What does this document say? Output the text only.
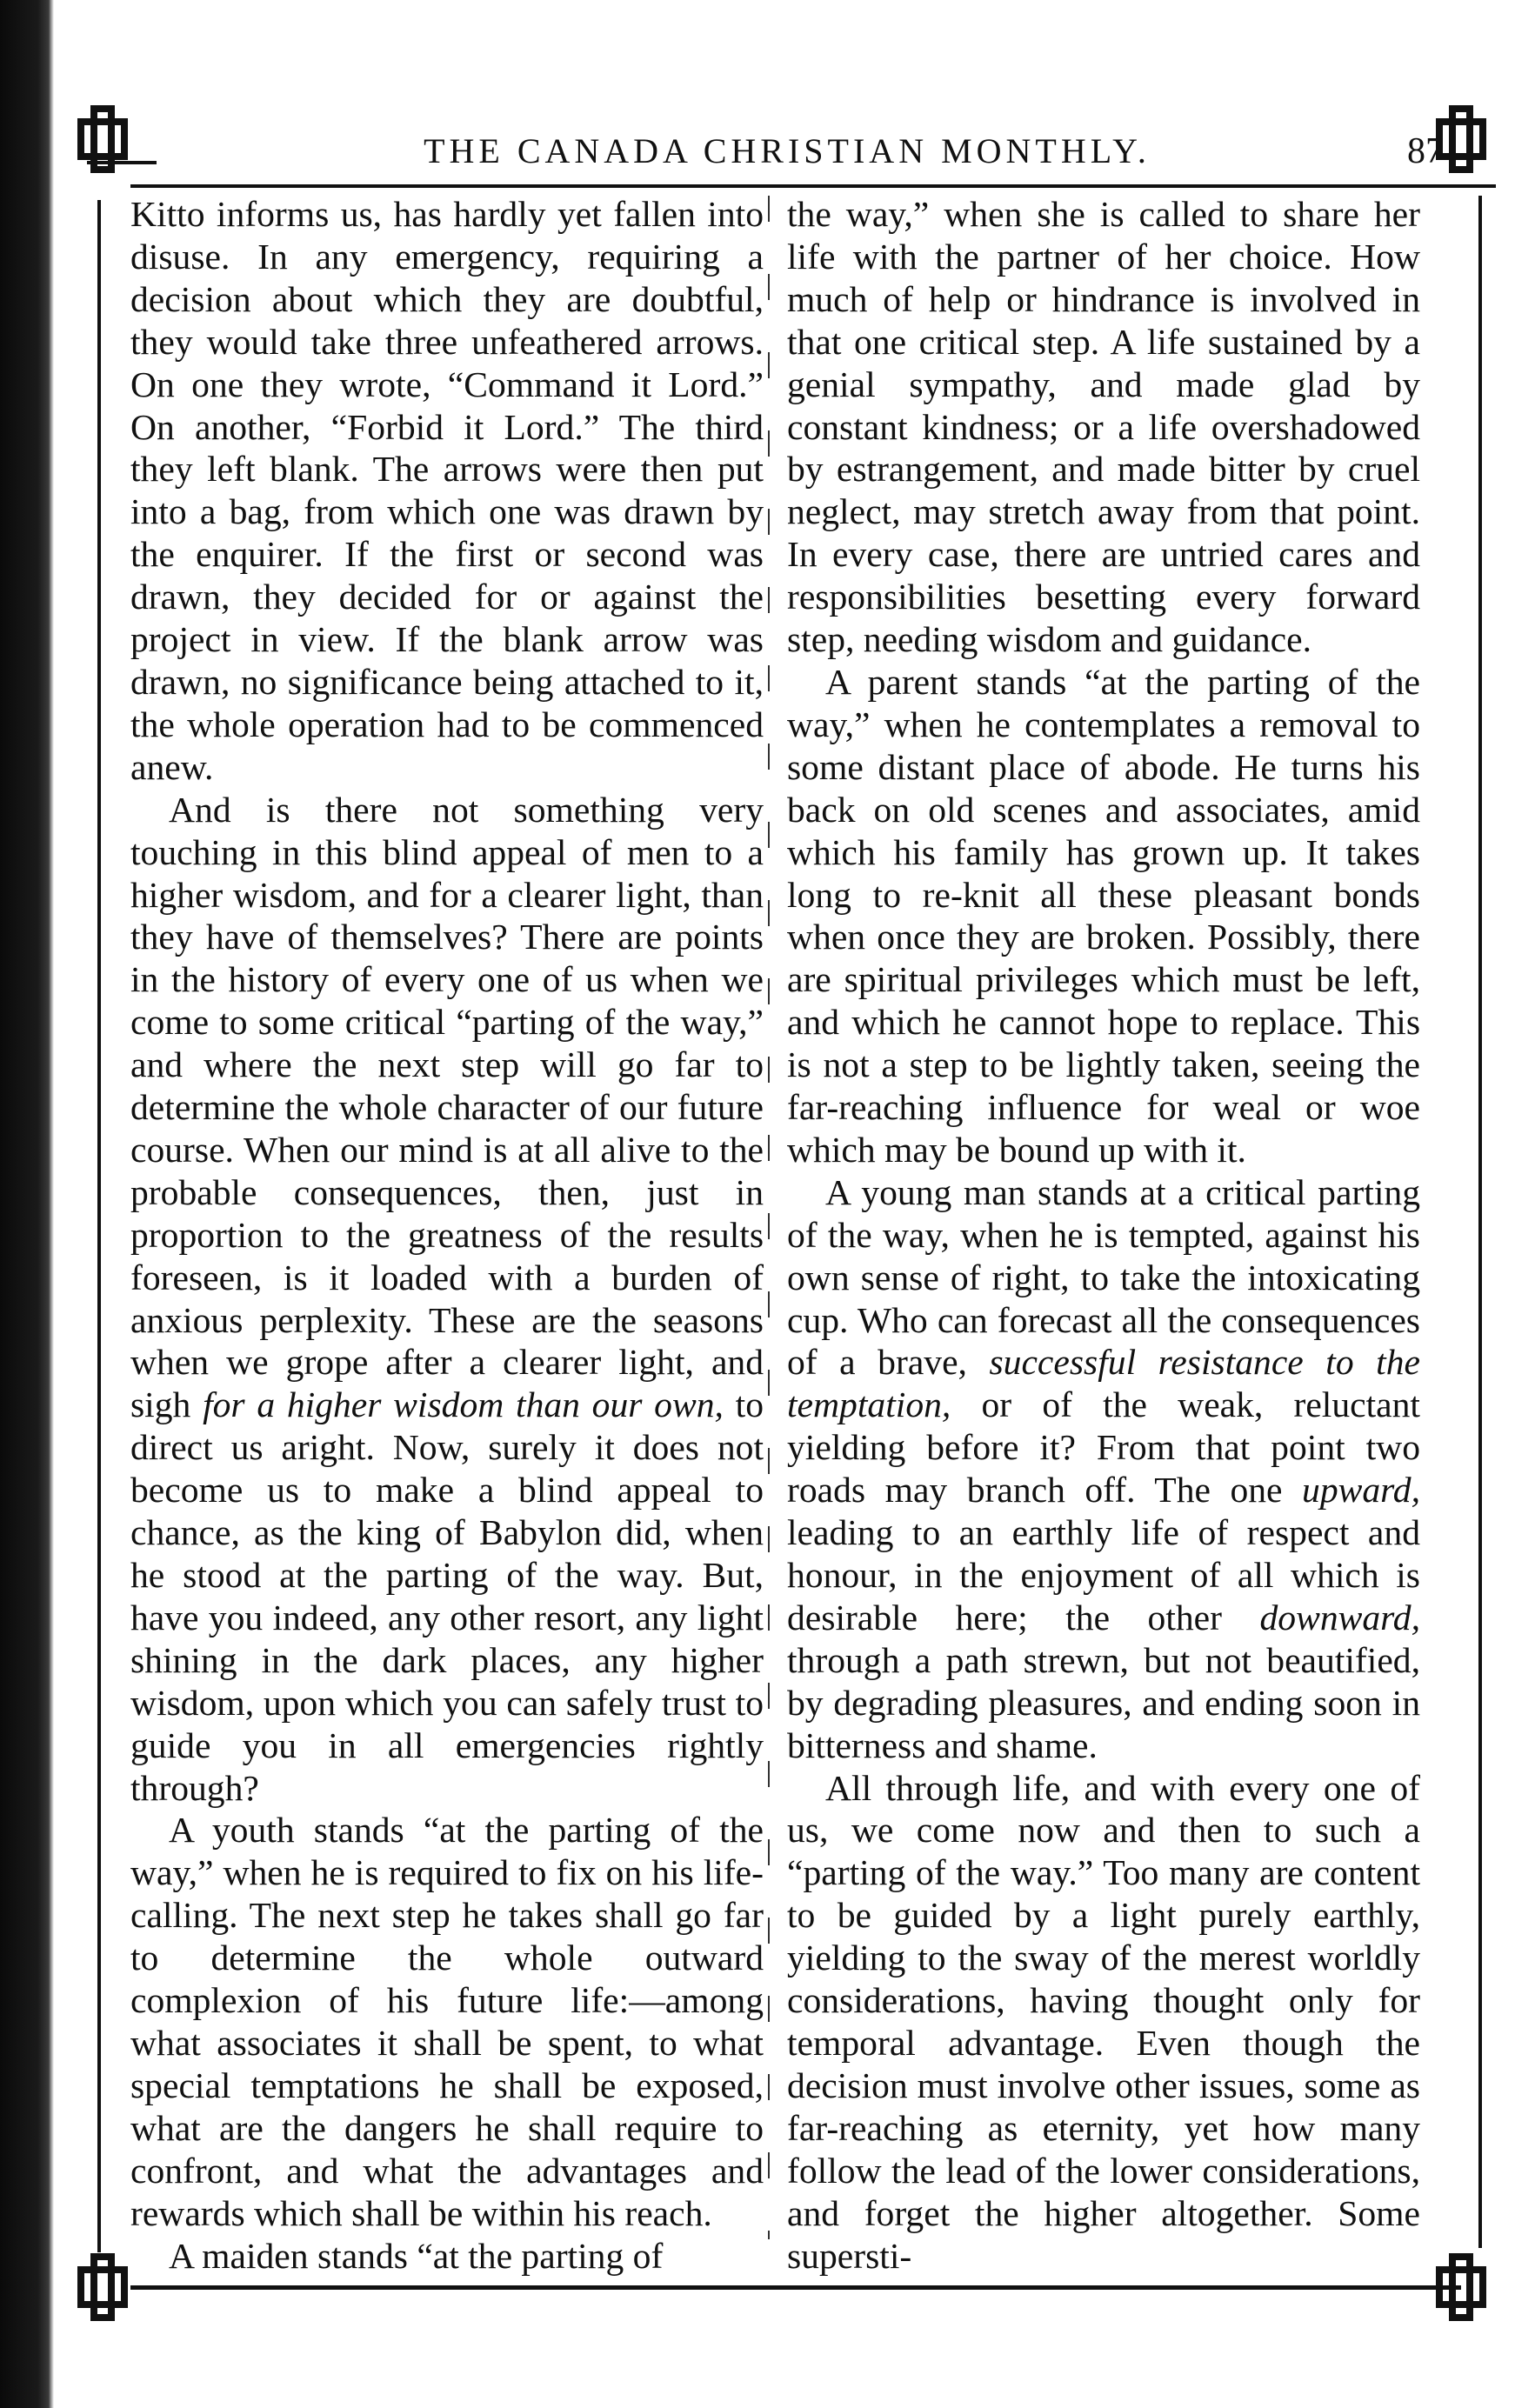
THE CANADA CHRISTIAN MONTHLY.	87

Kitto informs us, has hardly yet fallen into disuse. In any emergency, requiring a decision about which they are doubtful, they would take three unfeathered arrows. On one they wrote, “Command it Lord.” On another, “Forbid it Lord.” The third they left blank. The arrows were then put into a bag, from which one was drawn by the enquirer. If the first or second was drawn, they decided for or against the project in view. If the blank arrow was drawn, no significance being attached to it, the whole operation had to be commenced anew.

And is there not something very touching in this blind appeal of men to a higher wisdom, and for a clearer light, than they have of themselves? There are points in the history of every one of us when we come to some critical “parting of the way,” and where the next step will go far to determine the whole character of our future course. When our mind is at all alive to the probable consequences, then, just in proportion to the greatness of the results foreseen, is it loaded with a burden of anxious perplexity. These are the seasons when we grope after a clearer light, and sigh for a higher wisdom than our own, to direct us aright. Now, surely it does not become us to make a blind appeal to chance, as the king of Babylon did, when he stood at the parting of the way. But, have you indeed, any other resort, any light shining in the dark places, any higher wisdom, upon which you can safely trust to guide you in all emergencies rightly through?

A youth stands “at the parting of the way,” when he is required to fix on his life-calling. The next step he takes shall go far to determine the whole outward complexion of his future life:—among what associates it shall be spent, to what special temptations he shall be exposed, what are the dangers he shall require to confront, and what the advantages and rewards which shall be within his reach.

A maiden stands “at the parting of

the way,” when she is called to share her life with the partner of her choice. How much of help or hindrance is involved in that one critical step. A life sustained by a genial sympathy, and made glad by constant kindness; or a life overshadowed by estrangement, and made bitter by cruel neglect, may stretch away from that point. In every case, there are untried cares and responsibilities besetting every forward step, needing wisdom and guidance.

A parent stands “at the parting of the way,” when he contemplates a removal to some distant place of abode. He turns his back on old scenes and associates, amid which his family has grown up. It takes long to re-knit all these pleasant bonds when once they are broken. Possibly, there are spiritual privileges which must be left, and which he cannot hope to replace. This is not a step to be lightly taken, seeing the far-reaching influence for weal or woe which may be bound up with it.

A young man stands at a critical parting of the way, when he is tempted, against his own sense of right, to take the intoxicating cup. Who can forecast all the consequences of a brave, successful resistance to the temptation, or of the weak, reluctant yielding before it? From that point two roads may branch off. The one upward, leading to an earthly life of respect and honour, in the enjoyment of all which is desirable here; the other downward, through a path strewn, but not beautified, by degrading pleasures, and ending soon in bitterness and shame.

All through life, and with every one of us, we come now and then to such a “parting of the way.” Too many are content to be guided by a light purely earthly, yielding to the sway of the merest worldly considerations, having thought only for temporal advantage. Even though the decision must involve other issues, some as far-reaching as eternity, yet how many follow the lead of the lower considerations, and forget the higher altogether. Some supersti-
